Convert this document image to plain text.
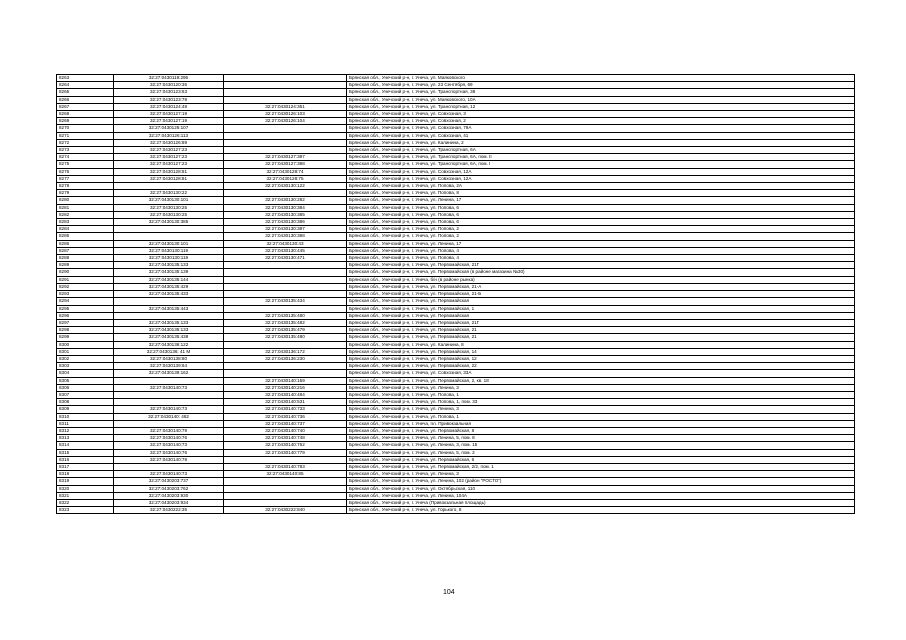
8263	32:27:0430119:295		Брянская обл., Унечский р-н, г. Унеча, ул. Маяковского
8264	32:27:0430120:35		Брянская обл., Унечский р-н, г. Унеча, ул. 23 Сентября, 69
8265	32:27:0430123:63		Брянская обл., Унечский р-н, г. Унеча, ул. Транспортная, 38
8266	32:27:0430123:78		Брянская обл., Унечский р-н, г. Унеча, ул. Маяковского, 10А
8267	32:27:0430124:48	32:27:0430124:351	Брянская обл., Унечский р-н, г. Унеча, ул. Транспортная, 12
8268	32:27:0430127:19	32:27:0430126:103	Брянская обл., Унечский р-н, г. Унеча, ул. Совхозная, 3
8269	32:27:0430127:19	32:27:0430126:104	Брянская обл., Унечский р-н, г. Унеча, ул. Совхозная, 2
8270	32:27:0430126:107		Брянская обл., Унечский р-н, г. Унеча, ул. Совхозная, 79А
8271	32:27:0430126:113		Брянская обл., Унечский р-н, г. Унеча, ул. Совхозная, 41
8272	32:27:0430126:89		Брянская обл., Унечский р-н, г. Унеча, ул. Калинина, 2
8273	32:27:0430127:23		Брянская обл., Унечский р-н, г. Унеча, ул. Транспортная, 6А
8274	32:27:0430127:23	32:27:0430127:387	Брянская обл., Унечский р-н, г. Унеча, ул. Транспортная, 6А, пом. II
8275	32:27:0430127:23	32:27:0430127:388	Брянская обл., Унечский р-н, г. Унеча, ул. Транспортная, 6А, пом. I
8276	32:27:0430128:81	32:27:0430128:74	Брянская обл., Унечский р-н, г. Унеча, ул. Совхозная, 12А
8277	32:27:0430128:81	32:27:0430128:75	Брянская обл., Унечский р-н, г. Унеча, ул. Совхозная, 12А
8278		32:27:0430130:122	Брянская обл., Унечский р-н, г. Унеча, ул. Попова, 2А
8279	32:27:0430130:22		Брянская обл., Унечский р-н, г. Унеча, ул. Попова, 8
8280	32:27:0430130:101	32:27:0430130:282	Брянская обл., Унечский р-н, г. Унеча, ул. Ленина, 17
8281	32:27:0430130:25	32:27:0430130:384	Брянская обл., Унечский р-н, г. Унеча, ул. Попова, 6
8282	32:27:0430130:25	32:27:0430130:385	Брянская обл., Унечский р-н, г. Унеча, ул. Попова, 6
8283	32:27:0430130:385	32:27:0430130:386	Брянская обл., Унечский р-н, г. Унеча, ул. Попова, 6
8284		32:27:0430130:387	Брянская обл., Унечский р-н, г. Унеча, ул. Попова, 2
8285		32:27:0430130:388	Брянская обл., Унечский р-н, г. Унеча, ул. Попова, 2
8286	32:27:0430130:101	32:27:0430130:43	Брянская обл., Унечский р-н, г. Унеча, ул. Ленина, 17
8287	32:27:0430130:119	32:27:0430130:445	Брянская обл., Унечский р-н, г. Унеча, ул. Попова, 4
8288	32:27:0430130:119	32:27:0430130:471	Брянская обл., Унечский р-н, г. Унеча, ул. Попова, 4
8289	32:27:0430135:133		Брянская обл., Унечский р-н, г. Унеча, ул. Первомайская, 21Г
8290	32:27:0430135:139		Брянская обл., Унечский р-н, г. Унеча, ул. Первомайская (в районе магазина №30)
8291	32:27:0430135:144		Брянская обл., Унечский р-н, г. Унеча, б/н (в районе рынка)
8292	32:27:0430135:429		Брянская обл., Унечский р-н, г. Унеча, ул. Первомайская, 21-А
8293	32:27:0430135:433		Брянская обл., Унечский р-н, г. Унеча, ул. Первомайская, 21-Б
8294		32:27:0430135:434	Брянская обл., Унечский р-н, г. Унеча, ул. Первомайская
8295	32:27:0430135:443		Брянская обл., Унечский р-н, г. Унеча, ул. Первомайская, 1
8296		32:27:0430135:480	Брянская обл., Унечский р-н, г. Унеча, ул. Первомайская
8297	32:27:0430135:133	32:27:0430135:482	Брянская обл., Унечский р-н, г. Унеча, ул. Первомайская, 21Г
8298	32:27:0430135:133	32:27:0430135:479	Брянская обл., Унечский р-н, г. Унеча, ул. Первомайская, 21
8299	32:27:0430135:438	32:27:0430135:480	Брянская обл., Унечский р-н, г. Унеча, ул. Первомайская, 21
8300	32:27:0430136:122		Брянская обл., Унечский р-н, г. Унеча, ул. Калинина, 8
8301	32:27:0430136: 41 М	32:27:0430136:172	Брянская обл., Унечский р-н, г. Унеча, ул. Первомайская, 14
8302	32:27:0430138:80	32:27:0430136:230	Брянская обл., Унечский р-н, г. Унеча, ул. Первомайская, 12
8303	32:27:0430139:64		Брянская обл., Унечский р-н, г. Унеча, ул. Первомайская, 22
8304	32:27:0430139:162		Брянская обл., Унечский р-н, г. Унеча, ул. Совхозная, 33А
8305		32:27:0430140:159	Брянская обл., Унечский р-н, г. Унеча, ул. Первомайская, 2, кв. 18
8306	32:27:0430140:73	32:27:0430140:216	Брянская обл., Унечский р-н, г. Унеча, ул. Ленина, 3
8307		32:27:0430140:484	Брянская обл., Унечский р-н, г. Унеча, ул. Попова, 1
8308		32:27:0430140:531	Брянская обл., Унечский р-н, г. Унеча, ул. Попова, 1, пом. 33
8309	32:27:0430140:73	32:27:0430140:733	Брянская обл., Унечский р-н, г. Унеча, ул. Ленина, 3
8310	32:27:0430140: 482	32:27:0430140:736	Брянская обл., Унечский р-н, г. Унеча, ул. Попова, 1
8311		32:27:0430140:737	Брянская обл., Унечский р-н, г. Унеча, пл. Привокзальная
8312	32:27:0430140:79	32:27:0430140:740	Брянская обл., Унечский р-н, г. Унеча, ул. Первомайская, 8
8313	32:27:0430140:76	32:27:0430140:748	Брянская обл., Унечский р-н, г. Унеча, ул. Ленина, 5, пом. 8
8314	32:27:0430140:73	32:27:0430140:762	Брянская обл., Унечский р-н, г. Унеча, ул. Ленина, 3, пом. 15
8315	32:27:0430140:76	32:27:0430140:779	Брянская обл., Унечский р-н, г. Унеча, ул. Ленина, 5, пом. 2
8316	32:27:0430140:78		Брянская обл., Унечский р-н, г. Унеча, ул. Первомайская, 6
8317		32:27:0430140:783	Брянская обл., Унечский р-н, г. Унеча, ул. Первомайская, 2/2, пом. 1
8318	32:27:0430140:73	32:27:0430140:85	Брянская обл., Унечский р-н, г. Унеча, ул. Ленина, 3
8319	32:27:0430203:737		Брянская обл., Унечский р-н, г. Унеча, ул. Ленина, 102 (район "РОСТО")
8320	32:27:0430203:762		Брянская обл., Унечский р-н, г. Унеча, ул. Октябрьская, 110
8321	32:27:0430203:930		Брянская обл., Унечский р-н, г. Унеча, ул. Ленина, 104А
8322	32:27:0430203:934		Брянская обл., Унечский р-н, г. Унеча (Привокзальная площадь)
8323	32:27:0430222:35	32:27:0430222:840	Брянская обл., Унечский р-н, г. Унеча, ул. Горького, 8
104
